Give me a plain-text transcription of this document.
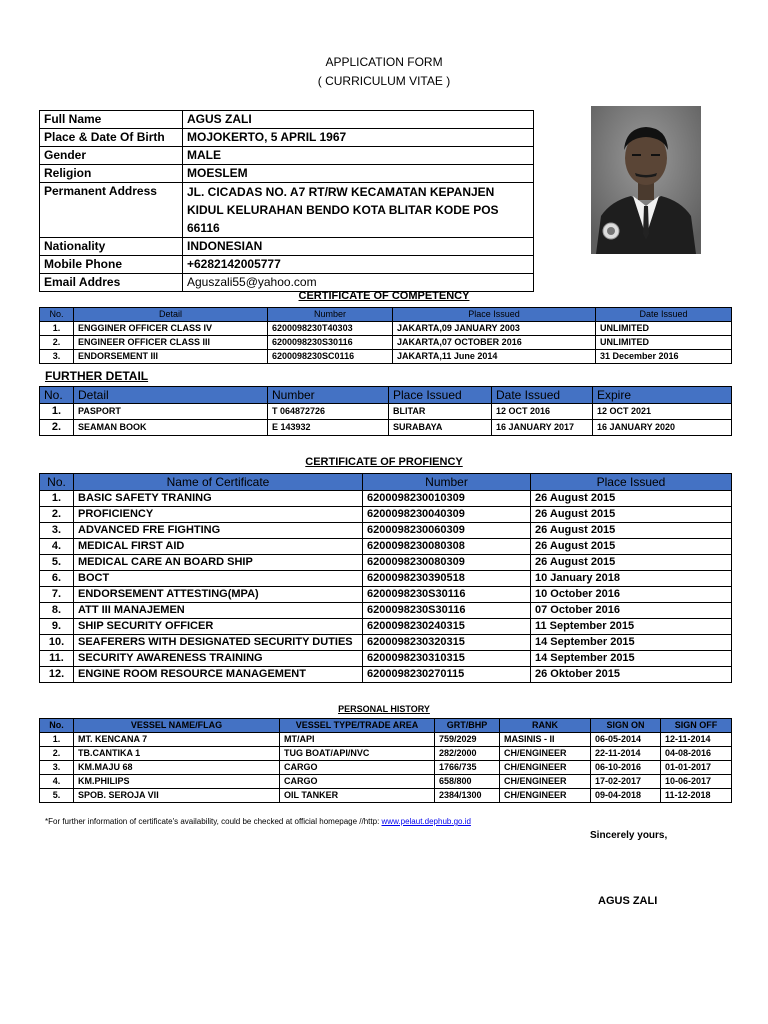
APPLICATION FORM
( CURRICULUM VITAE )
Full Name	AGUS ZALI
Place & Date Of Birth	MOJOKERTO, 5 APRIL 1967
Gender	MALE
Religion	MOESLEM
Permanent Address	JL. CICADAS NO. A7 RT/RW KECAMATAN KEPANJEN KIDUL KELURAHAN BENDO KOTA BLITAR KODE POS 66116
Nationality	INDONESIAN
Mobile Phone	+6282142005777
Email Addres	Aguszali55@yahoo.com
CERTIFICATE OF COMPETENCY
No.	Detail	Number	Place Issued	Date Issued
1.	ENGGINER OFFICER CLASS IV	6200098230T40303	JAKARTA,09 JANUARY 2003	UNLIMITED
2.	ENGINEER OFFICER CLASS III	6200098230S30116	JAKARTA,07 OCTOBER 2016	UNLIMITED
3.	ENDORSEMENT III	6200098230SC0116	JAKARTA,11 June 2014	31 December 2016
FURTHER DETAIL
No.	Detail	Number	Place Issued	Date Issued	Expire
1.	PASPORT	T 064872726	BLITAR	12 OCT 2016	12 OCT 2021
2.	SEAMAN BOOK	E 143932	SURABAYA	16 JANUARY 2017	16 JANUARY 2020
CERTIFICATE OF PROFIENCY
No.	Name of Certificate	Number	Place Issued
1.	BASIC SAFETY TRANING	6200098230010309	26 August 2015
2.	PROFICIENCY	6200098230040309	26 August 2015
3.	ADVANCED FRE FIGHTING	6200098230060309	26 August 2015
4.	MEDICAL FIRST AID	6200098230080308	26 August 2015
5.	MEDICAL CARE AN BOARD SHIP	6200098230080309	26 August 2015
6.	BOCT	6200098230390518	10 January 2018
7.	ENDORSEMENT ATTESTING(MPA)	6200098230S30116	10 October 2016
8.	ATT III MANAJEMEN	6200098230S30116	07 October 2016
9.	SHIP SECURITY OFFICER	6200098230240315	11 September 2015
10.	SEAFERERS WITH DESIGNATED SECURITY DUTIES	6200098230320315	14 September 2015
11.	SECURITY AWARENESS TRAINING	6200098230310315	14 September 2015
12.	ENGINE ROOM RESOURCE MANAGEMENT	6200098230270115	26 Oktober 2015
PERSONAL HISTORY
No.	VESSEL NAME/FLAG	VESSEL TYPE/TRADE AREA	GRT/BHP	RANK	SIGN ON	SIGN OFF
1.	MT. KENCANA 7	MT/API	759/2029	MASINIS - II	06-05-2014	12-11-2014
2.	TB.CANTIKA 1	TUG BOAT/API/NVC	282/2000	CH/ENGINEER	22-11-2014	04-08-2016
3.	KM.MAJU 68	CARGO	1766/735	CH/ENGINEER	06-10-2016	01-01-2017
4.	KM.PHILIPS	CARGO	658/800	CH/ENGINEER	17-02-2017	10-06-2017
5.	SPOB. SEROJA VII	OIL TANKER	2384/1300	CH/ENGINEER	09-04-2018	11-12-2018
*For further information of certificate's availability, could be checked at official homepage //http: www.pelaut.dephub.go.id
Sincerely yours,
AGUS ZALI
